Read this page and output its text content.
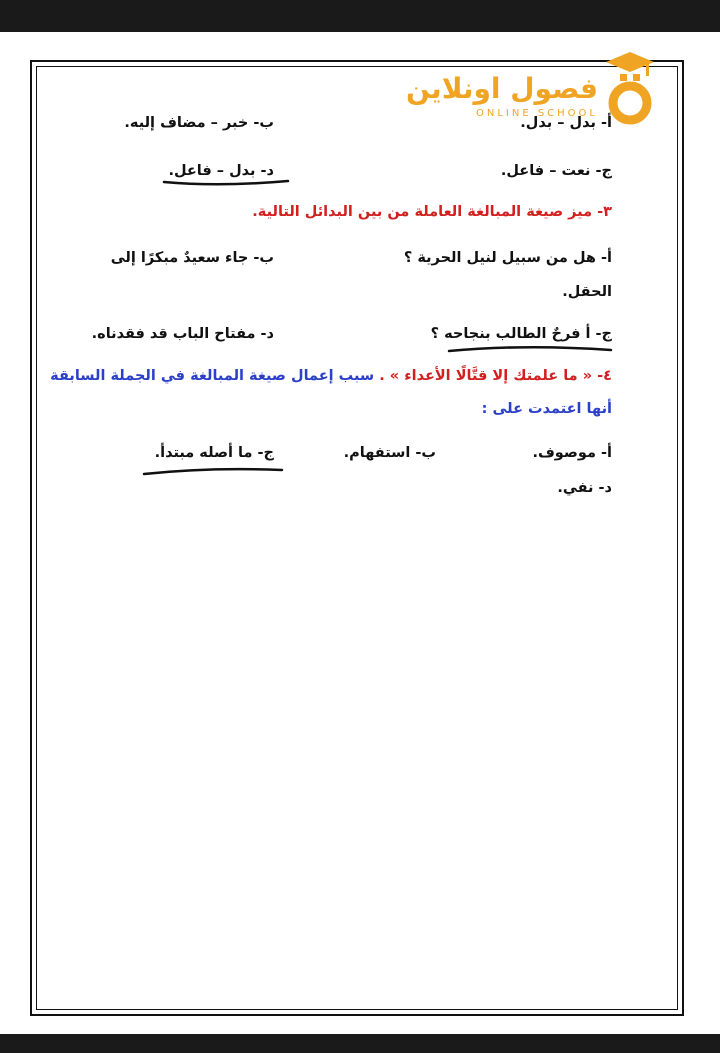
فصول اونلاين
ONLINE SCHOOL
أ- بدل – بدل.
ب- خبر – مضاف إليه.
ج- نعت – فاعل.
د- بدل – فاعل.
٣- ميز صيغة المبالغة العاملة من بين البدائل التالية.
أ- هل من سبيل لنيل الحرية ؟
ب- جاء سعيدٌ مبكرًا إلى
الحقل.
ج- أ فرحٌ الطالب بنجاحه ؟
د- مفتاح الباب قد فقدناه.
٤- « ما علمتك إلا قتَّالًا الأعداء » . سبب إعمال صيغة المبالغة في الجملة السابقة
أنها اعتمدت على :
أ- موصوف.
ب- استفهام.
ج- ما أصله مبتدأ.
د- نفي.
